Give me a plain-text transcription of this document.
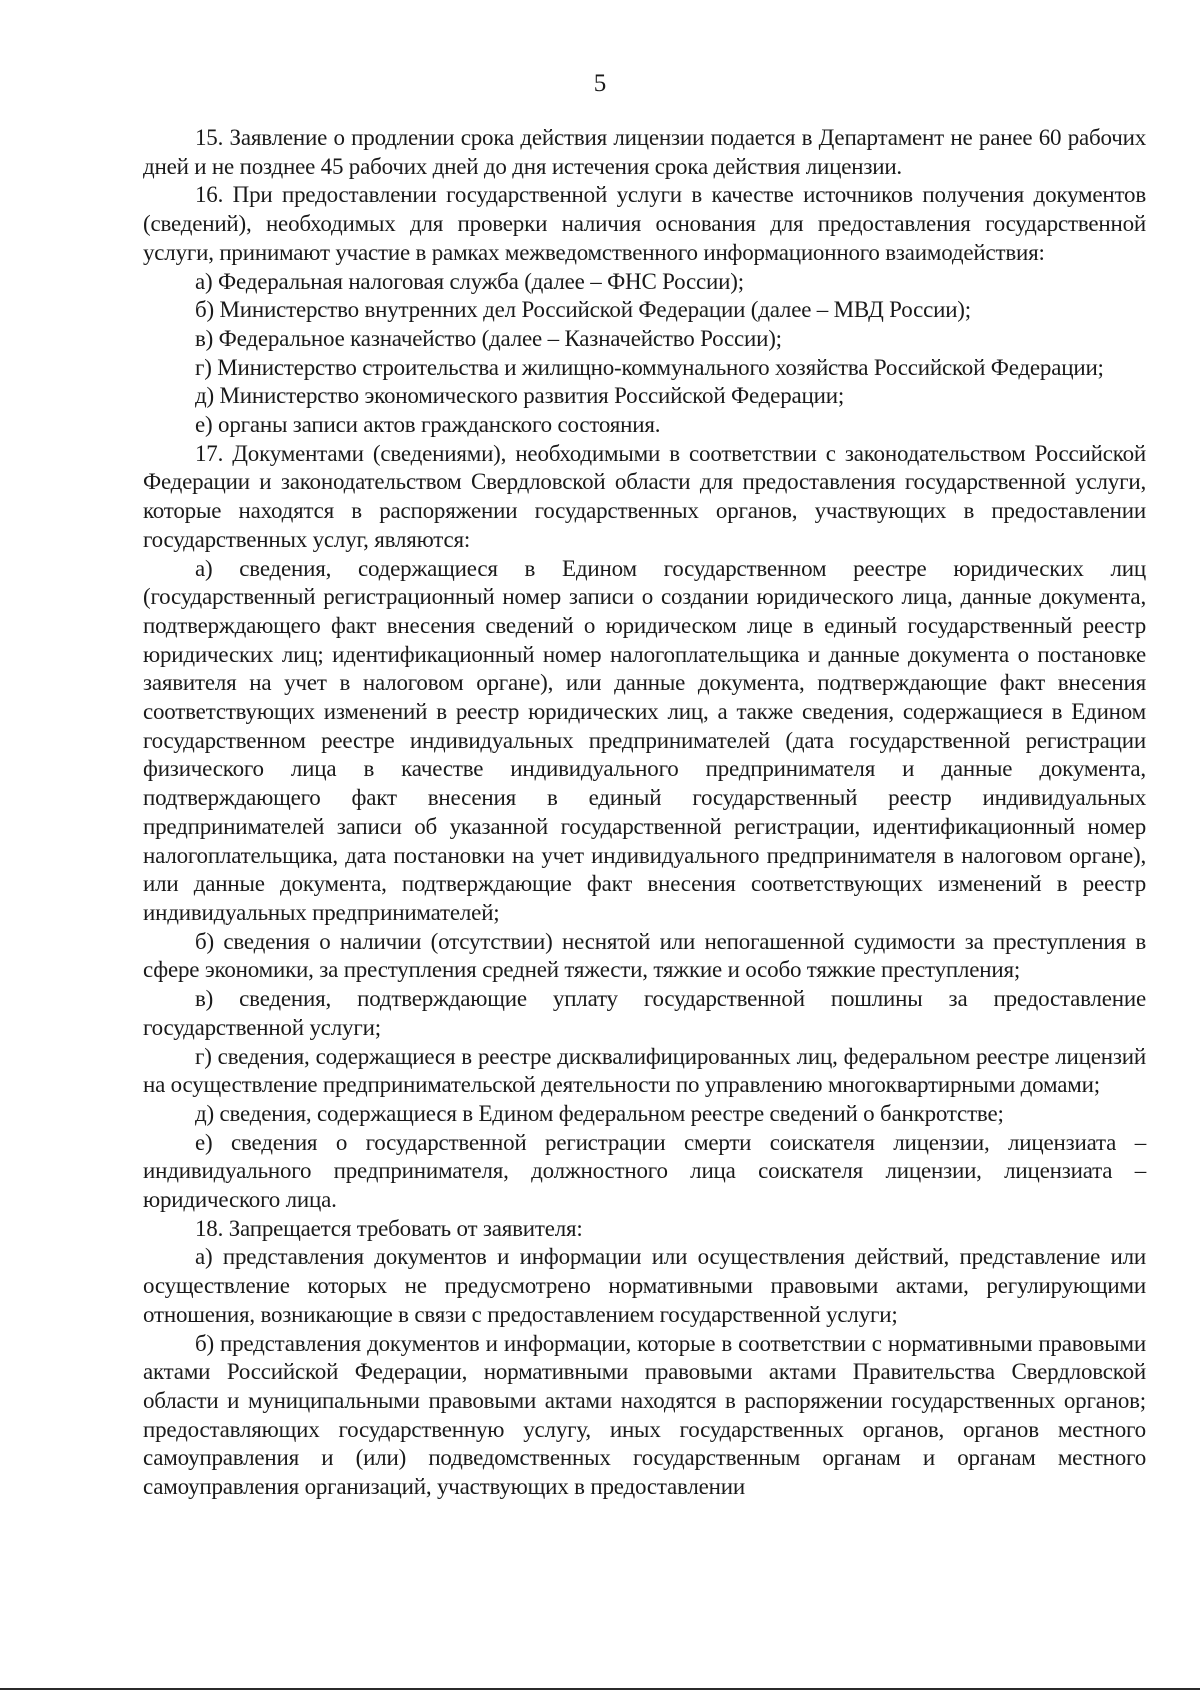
5

15. Заявление о продлении срока действия лицензии подается в Департамент не ранее 60 рабочих дней и не позднее 45 рабочих дней до дня истечения срока действия лицензии.

16. При предоставлении государственной услуги в качестве источников получения документов (сведений), необходимых для проверки наличия основания для предоставления государственной услуги, принимают участие в рамках межведомственного информационного взаимодействия:

а) Федеральная налоговая служба (далее – ФНС России);

б) Министерство внутренних дел Российской Федерации (далее – МВД России);

в) Федеральное казначейство (далее – Казначейство России);

г) Министерство строительства и жилищно-коммунального хозяйства Российской Федерации;

д) Министерство экономического развития Российской Федерации;

е) органы записи актов гражданского состояния.

17. Документами (сведениями), необходимыми в соответствии с законодательством Российской Федерации и законодательством Свердловской области для предоставления государственной услуги, которые находятся в распоряжении государственных органов, участвующих в предоставлении государственных услуг, являются:

а) сведения, содержащиеся в Едином государственном реестре юридических лиц (государственный регистрационный номер записи о создании юридического лица, данные документа, подтверждающего факт внесения сведений о юридическом лице в единый государственный реестр юридических лиц; идентификационный номер налогоплательщика и данные документа о постановке заявителя на учет в налоговом органе), или данные документа, подтверждающие факт внесения соответствующих изменений в реестр юридических лиц, а также сведения, содержащиеся в Едином государственном реестре индивидуальных предпринимателей (дата государственной регистрации физического лица в качестве индивидуального предпринимателя и данные документа, подтверждающего факт внесения в единый государственный реестр индивидуальных предпринимателей записи об указанной государственной регистрации, идентификационный номер налогоплательщика, дата постановки на учет индивидуального предпринимателя в налоговом органе), или данные документа, подтверждающие факт внесения соответствующих изменений в реестр индивидуальных предпринимателей;

б) сведения о наличии (отсутствии) неснятой или непогашенной судимости за преступления в сфере экономики, за преступления средней тяжести, тяжкие и особо тяжкие преступления;

в) сведения, подтверждающие уплату государственной пошлины за предоставление государственной услуги;

г) сведения, содержащиеся в реестре дисквалифицированных лиц, федеральном реестре лицензий на осуществление предпринимательской деятельности по управлению многоквартирными домами;

д) сведения, содержащиеся в Едином федеральном реестре сведений о банкротстве;

е) сведения о государственной регистрации смерти соискателя лицензии, лицензиата – индивидуального предпринимателя, должностного лица соискателя лицензии, лицензиата – юридического лица.

18. Запрещается требовать от заявителя:

а) представления документов и информации или осуществления действий, представление или осуществление которых не предусмотрено нормативными правовыми актами, регулирующими отношения, возникающие в связи с предоставлением государственной услуги;

б) представления документов и информации, которые в соответствии с нормативными правовыми актами Российской Федерации, нормативными правовыми актами Правительства Свердловской области и муниципальными правовыми актами находятся в распоряжении государственных органов; предоставляющих государственную услугу, иных государственных органов, органов местного самоуправления и (или) подведомственных государственным органам и органам местного самоуправления организаций, участвующих в предоставлении
